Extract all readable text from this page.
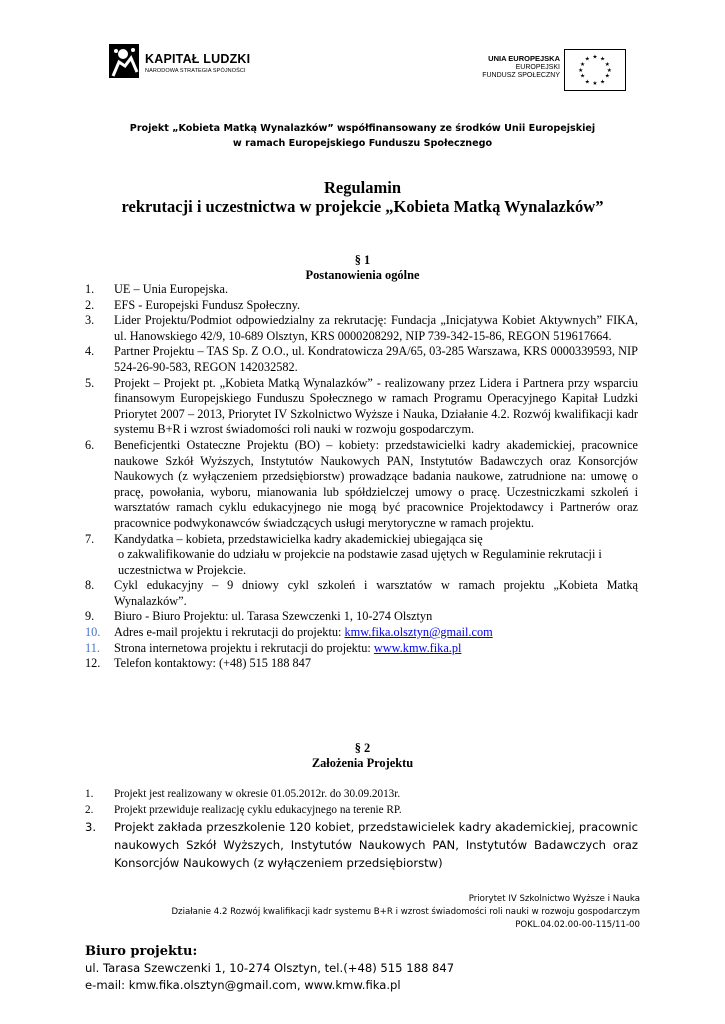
KAPITAŁ LUDZKI
NARODOWA STRATEGIA SPÓJNOŚCI
UNIA EUROPEJSKA
EUROPEJSKI
FUNDUSZ SPOŁECZNY
★ ★
★
★
★
★
★
★
★
★
★
★
Projekt „Kobieta Matką Wynalazków” współfinansowany ze środków Unii Europejskiej
w ramach Europejskiego Funduszu Społecznego
Regulamin
rekrutacji i uczestnictwa w projekcie „Kobieta Matką Wynalazków”
§ 1
Postanowienia ogólne
1. UE – Unia Europejska.
2. EFS - Europejski Fundusz Społeczny.
3. Lider Projektu/Podmiot odpowiedzialny za rekrutację: Fundacja „Inicjatywa Kobiet Aktywnych” FIKA, ul. Hanowskiego 42/9, 10-689 Olsztyn, KRS 0000208292, NIP 739-342-15-86, REGON 519617664.
4. Partner Projektu – TAS Sp. Z O.O., ul. Kondratowicza 29A/65, 03-285 Warszawa, KRS 0000339593, NIP 524-26-90-583, REGON 142032582.
5. Projekt – Projekt pt. „Kobieta Matką Wynalazków” - realizowany przez Lidera i Partnera przy wsparciu finansowym Europejskiego Funduszu Społecznego w ramach Programu Operacyjnego Kapitał Ludzki Priorytet 2007 – 2013, Priorytet IV Szkolnictwo Wyższe i Nauka, Działanie 4.2. Rozwój kwalifikacji kadr systemu B+R i wzrost świadomości roli nauki w rozwoju gospodarczym.
6. Beneficjentki Ostateczne Projektu (BO) – kobiety: przedstawicielki kadry akademickiej, pracownice naukowe Szkół Wyższych, Instytutów Naukowych PAN, Instytutów Badawczych oraz Konsorcjów Naukowych (z wyłączeniem przedsiębiorstw) prowadzące badania naukowe, zatrudnione na: umowę o pracę, powołania, wyboru, mianowania lub spółdzielczej umowy o pracę. Uczestniczkami szkoleń i warsztatów ramach cyklu edukacyjnego nie mogą być pracownice Projektodawcy i Partnerów oraz pracownice podwykonawców świadczących usługi merytoryczne w ramach projektu.
7. Kandydatka – kobieta, przedstawicielka kadry akademickiej ubiegająca się
o zakwalifikowanie do udziału w projekcie na podstawie zasad ujętych w Regulaminie rekrutacji i uczestnictwa w Projekcie.
8. Cykl edukacyjny – 9 dniowy cykl szkoleń i warsztatów w ramach projektu „Kobieta Matką Wynalazków”.
9. Biuro - Biuro Projektu: ul. Tarasa Szewczenki 1, 10-274 Olsztyn
10. Adres e-mail projektu i rekrutacji do projektu: kmw.fika.olsztyn@gmail.com
11. Strona internetowa projektu i rekrutacji do projektu: www.kmw.fika.pl
12. Telefon kontaktowy: (+48) 515 188 847
§ 2
Założenia Projektu
1. Projekt jest realizowany w okresie 01.05.2012r. do 30.09.2013r.
2. Projekt przewiduje realizację cyklu edukacyjnego na terenie RP.
3. Projekt zakłada przeszkolenie 120 kobiet, przedstawicielek kadry akademickiej, pracownic naukowych Szkół Wyższych, Instytutów Naukowych PAN, Instytutów Badawczych oraz Konsorcjów Naukowych (z wyłączeniem przedsiębiorstw)
Priorytet IV Szkolnictwo Wyższe i Nauka
Działanie 4.2 Rozwój kwalifikacji kadr systemu B+R i wzrost świadomości roli nauki w rozwoju gospodarczym
POKL.04.02.00-00-115/11-00
Biuro projektu:
ul. Tarasa Szewczenki 1, 10-274 Olsztyn, tel.(+48) 515 188 847
e-mail: kmw.fika.olsztyn@gmail.com, www.kmw.fika.pl
